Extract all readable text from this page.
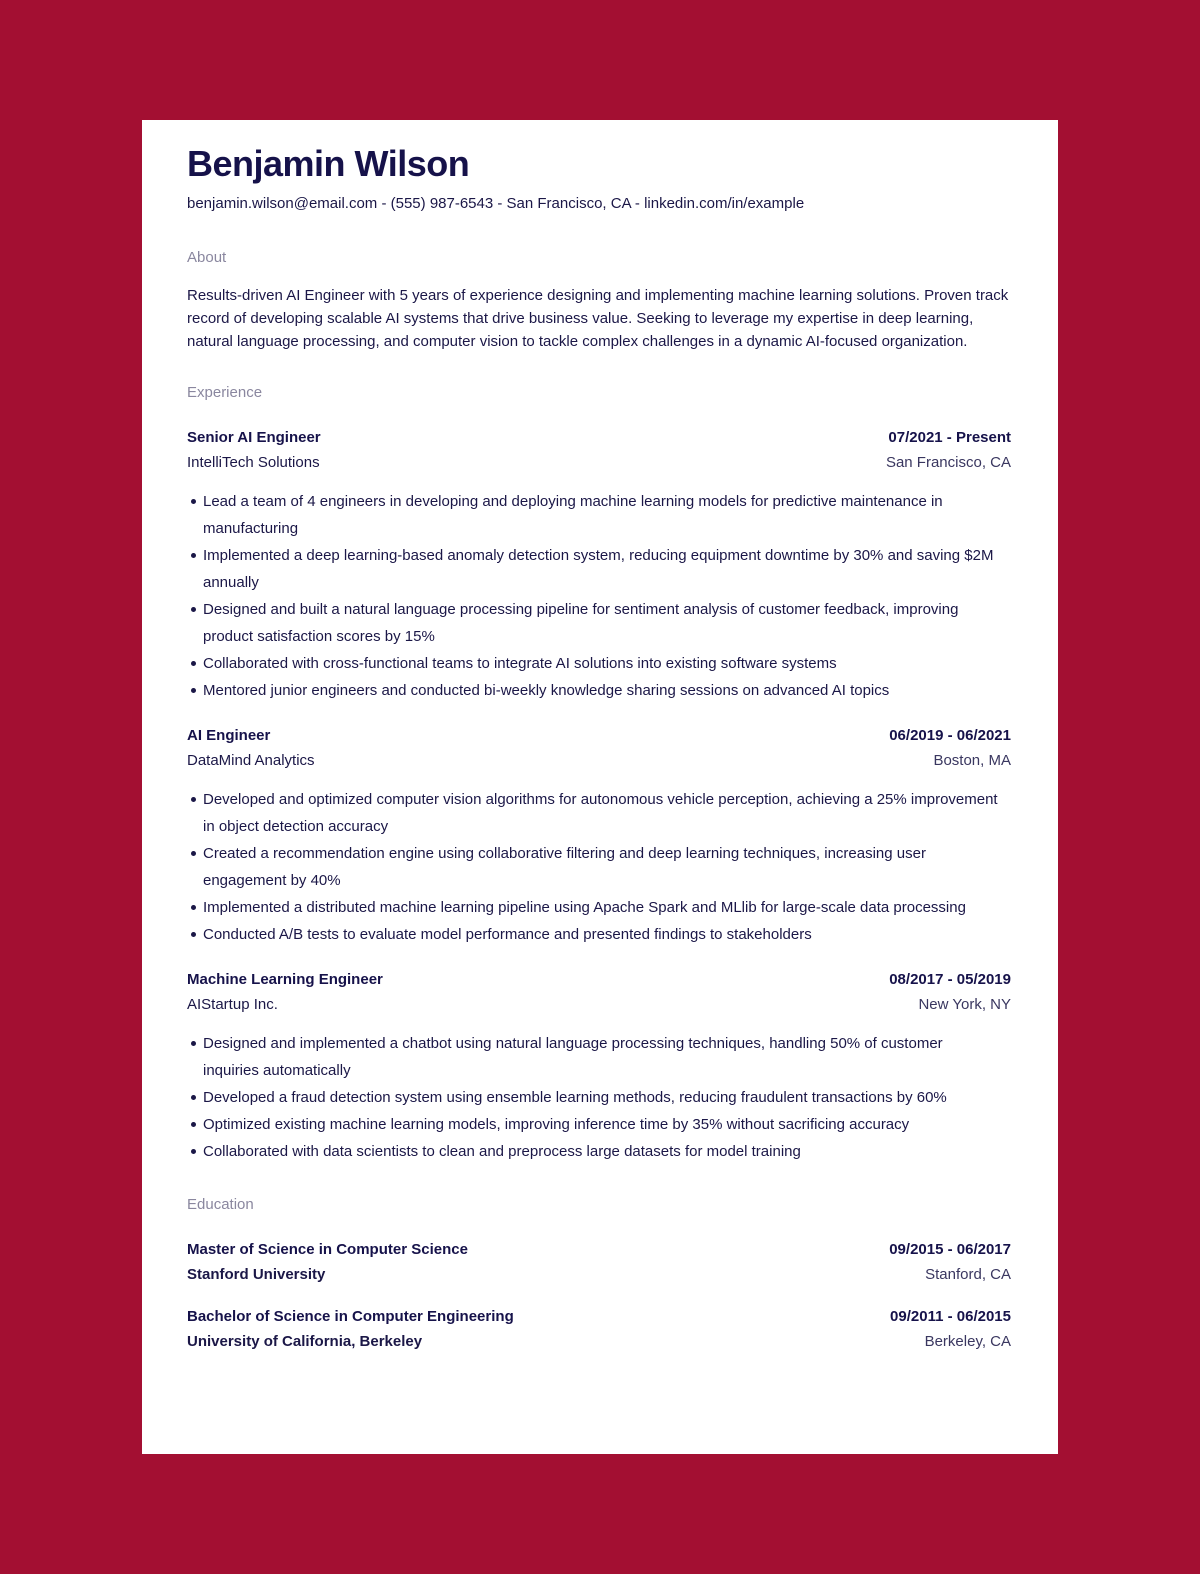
Benjamin Wilson
benjamin.wilson@email.com - (555) 987-6543 - San Francisco, CA - linkedin.com/in/example
About
Results-driven AI Engineer with 5 years of experience designing and implementing machine learning solutions. Proven track record of developing scalable AI systems that drive business value. Seeking to leverage my expertise in deep learning, natural language processing, and computer vision to tackle complex challenges in a dynamic AI-focused organization.
Experience
Senior AI Engineer	07/2021 - Present
IntelliTech Solutions	San Francisco, CA
Lead a team of 4 engineers in developing and deploying machine learning models for predictive maintenance in manufacturing
Implemented a deep learning-based anomaly detection system, reducing equipment downtime by 30% and saving $2M annually
Designed and built a natural language processing pipeline for sentiment analysis of customer feedback, improving product satisfaction scores by 15%
Collaborated with cross-functional teams to integrate AI solutions into existing software systems
Mentored junior engineers and conducted bi-weekly knowledge sharing sessions on advanced AI topics
AI Engineer	06/2019 - 06/2021
DataMind Analytics	Boston, MA
Developed and optimized computer vision algorithms for autonomous vehicle perception, achieving a 25% improvement in object detection accuracy
Created a recommendation engine using collaborative filtering and deep learning techniques, increasing user engagement by 40%
Implemented a distributed machine learning pipeline using Apache Spark and MLlib for large-scale data processing
Conducted A/B tests to evaluate model performance and presented findings to stakeholders
Machine Learning Engineer	08/2017 - 05/2019
AIStartup Inc.	New York, NY
Designed and implemented a chatbot using natural language processing techniques, handling 50% of customer inquiries automatically
Developed a fraud detection system using ensemble learning methods, reducing fraudulent transactions by 60%
Optimized existing machine learning models, improving inference time by 35% without sacrificing accuracy
Collaborated with data scientists to clean and preprocess large datasets for model training
Education
Master of Science in Computer Science	09/2015 - 06/2017
Stanford University	Stanford, CA
Bachelor of Science in Computer Engineering	09/2011 - 06/2015
University of California, Berkeley	Berkeley, CA
